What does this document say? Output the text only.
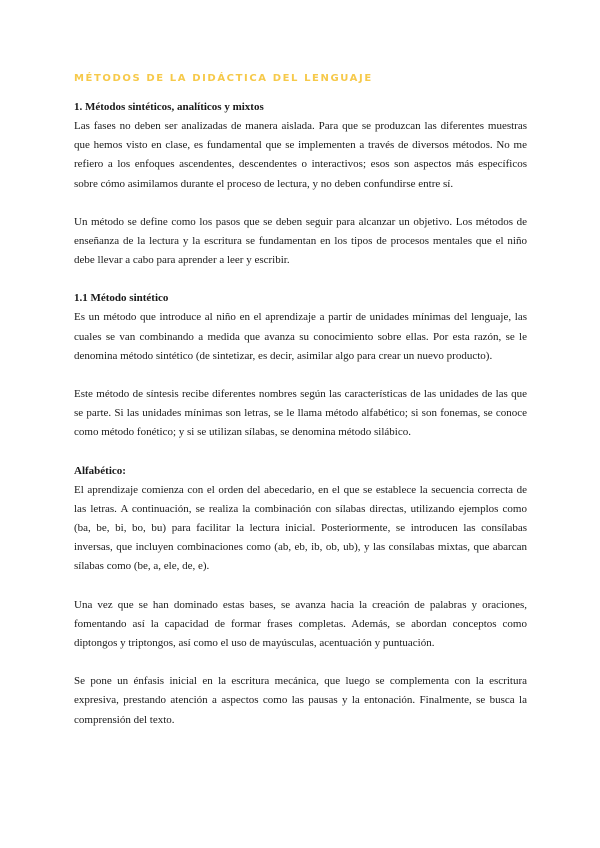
MÉTODOS DE LA DIDÁCTICA DEL LENGUAJE
1. Métodos sintéticos, analíticos y mixtos

Las fases no deben ser analizadas de manera aislada. Para que se produzcan las diferentes muestras que hemos visto en clase, es fundamental que se implementen a través de diversos métodos. No me refiero a los enfoques ascendentes, descendentes o interactivos; esos son aspectos más específicos sobre cómo asimilamos durante el proceso de lectura, y no deben confundirse entre sí.

Un método se define como los pasos que se deben seguir para alcanzar un objetivo. Los métodos de enseñanza de la lectura y la escritura se fundamentan en los tipos de procesos mentales que el niño debe llevar a cabo para aprender a leer y escribir.

1.1 Método sintético

Es un método que introduce al niño en el aprendizaje a partir de unidades mínimas del lenguaje, las cuales se van combinando a medida que avanza su conocimiento sobre ellas. Por esta razón, se le denomina método sintético (de sintetizar, es decir, asimilar algo para crear un nuevo producto).

Este método de síntesis recibe diferentes nombres según las características de las unidades de las que se parte. Si las unidades mínimas son letras, se le llama método alfabético; si son fonemas, se conoce como método fonético; y si se utilizan sílabas, se denomina método silábico.

Alfabético:

El aprendizaje comienza con el orden del abecedario, en el que se establece la secuencia correcta de las letras. A continuación, se realiza la combinación con sílabas directas, utilizando ejemplos como (ba, be, bi, bo, bu) para facilitar la lectura inicial. Posteriormente, se introducen las consílabas inversas, que incluyen combinaciones como (ab, eb, ib, ob, ub), y las consílabas mixtas, que abarcan sílabas como (be, a, ele, de, e).

Una vez que se han dominado estas bases, se avanza hacia la creación de palabras y oraciones, fomentando así la capacidad de formar frases completas. Además, se abordan conceptos como diptongos y triptongos, así como el uso de mayúsculas, acentuación y puntuación.

Se pone un énfasis inicial en la escritura mecánica, que luego se complementa con la escritura expresiva, prestando atención a aspectos como las pausas y la entonación. Finalmente, se busca la comprensión del texto.
